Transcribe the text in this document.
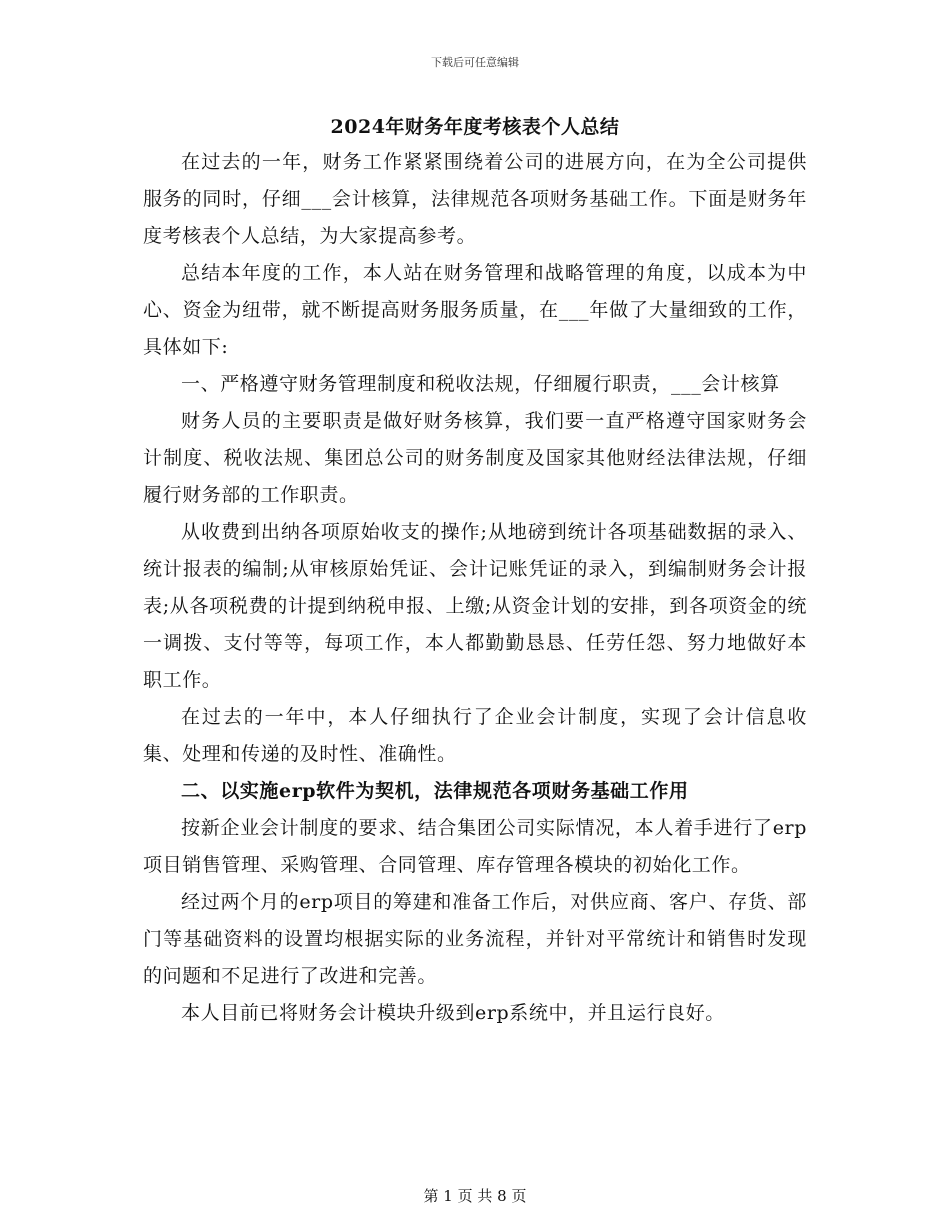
下载后可任意编辑
2024年财务年度考核表个人总结

在过去的一年，财务工作紧紧围绕着公司的进展方向，在为全公司提供服务的同时，仔细___会计核算，法律规范各项财务基础工作。下面是财务年度考核表个人总结，为大家提高参考。

总结本年度的工作，本人站在财务管理和战略管理的角度，以成本为中心、资金为纽带，就不断提高财务服务质量，在___年做了大量细致的工作，具体如下:

一、严格遵守财务管理制度和税收法规，仔细履行职责，___会计核算

财务人员的主要职责是做好财务核算，我们要一直严格遵守国家财务会计制度、税收法规、集团总公司的财务制度及国家其他财经法律法规，仔细履行财务部的工作职责。

从收费到出纳各项原始收支的操作;从地磅到统计各项基础数据的录入、统计报表的编制;从审核原始凭证、会计记账凭证的录入，到编制财务会计报表;从各项税费的计提到纳税申报、上缴;从资金计划的安排，到各项资金的统一调拨、支付等等，每项工作，本人都勤勤恳恳、任劳任怨、努力地做好本职工作。

在过去的一年中，本人仔细执行了企业会计制度，实现了会计信息收集、处理和传递的及时性、准确性。

二、以实施erp软件为契机，法律规范各项财务基础工作用

按新企业会计制度的要求、结合集团公司实际情况，本人着手进行了erp项目销售管理、采购管理、合同管理、库存管理各模块的初始化工作。

经过两个月的erp项目的筹建和准备工作后，对供应商、客户、存货、部门等基础资料的设置均根据实际的业务流程，并针对平常统计和销售时发现的问题和不足进行了改进和完善。

本人目前已将财务会计模块升级到erp系统中，并且运行良好。

第 1 页 共 8 页
